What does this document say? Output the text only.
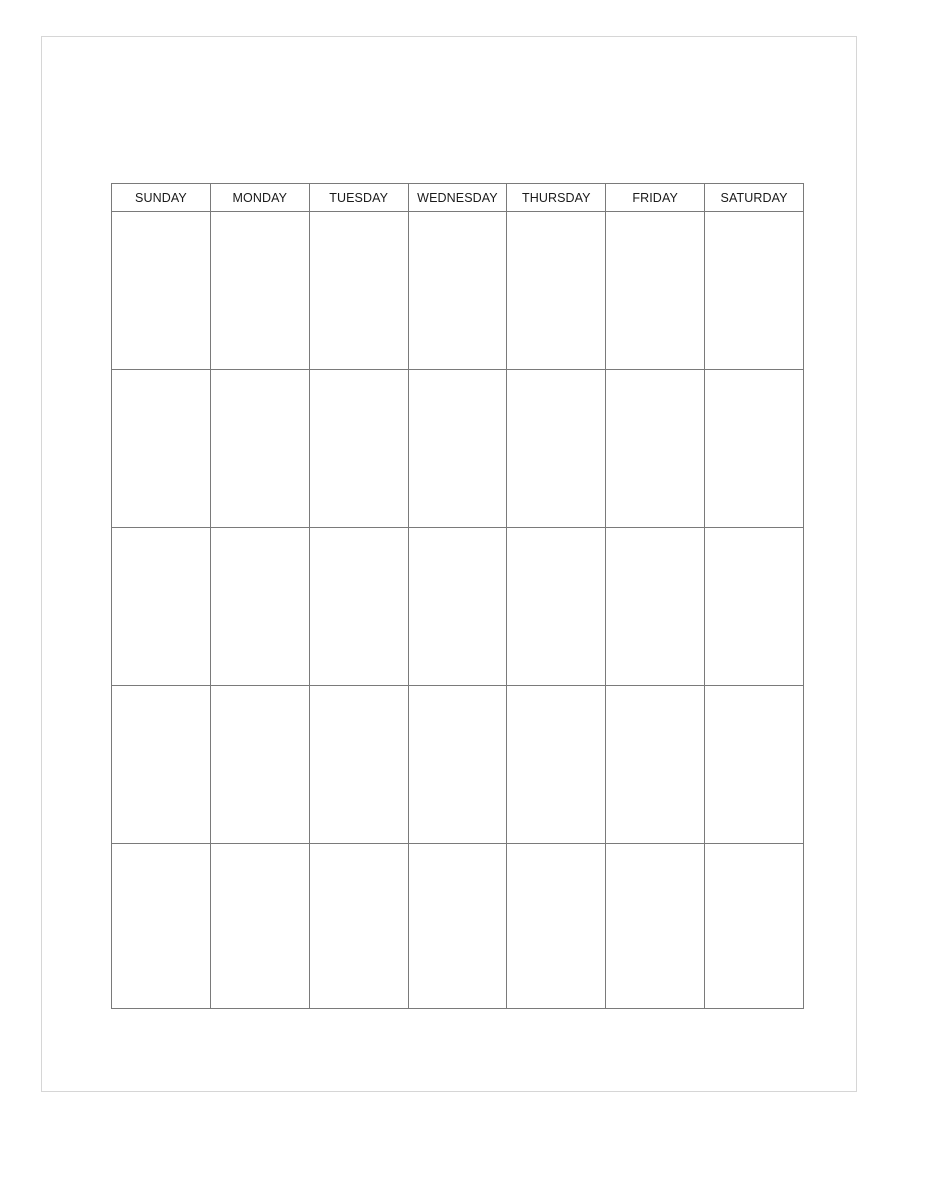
SUNDAY	MONDAY	TUESDAY	WEDNESDAY	THURSDAY	FRIDAY	SATURDAY
